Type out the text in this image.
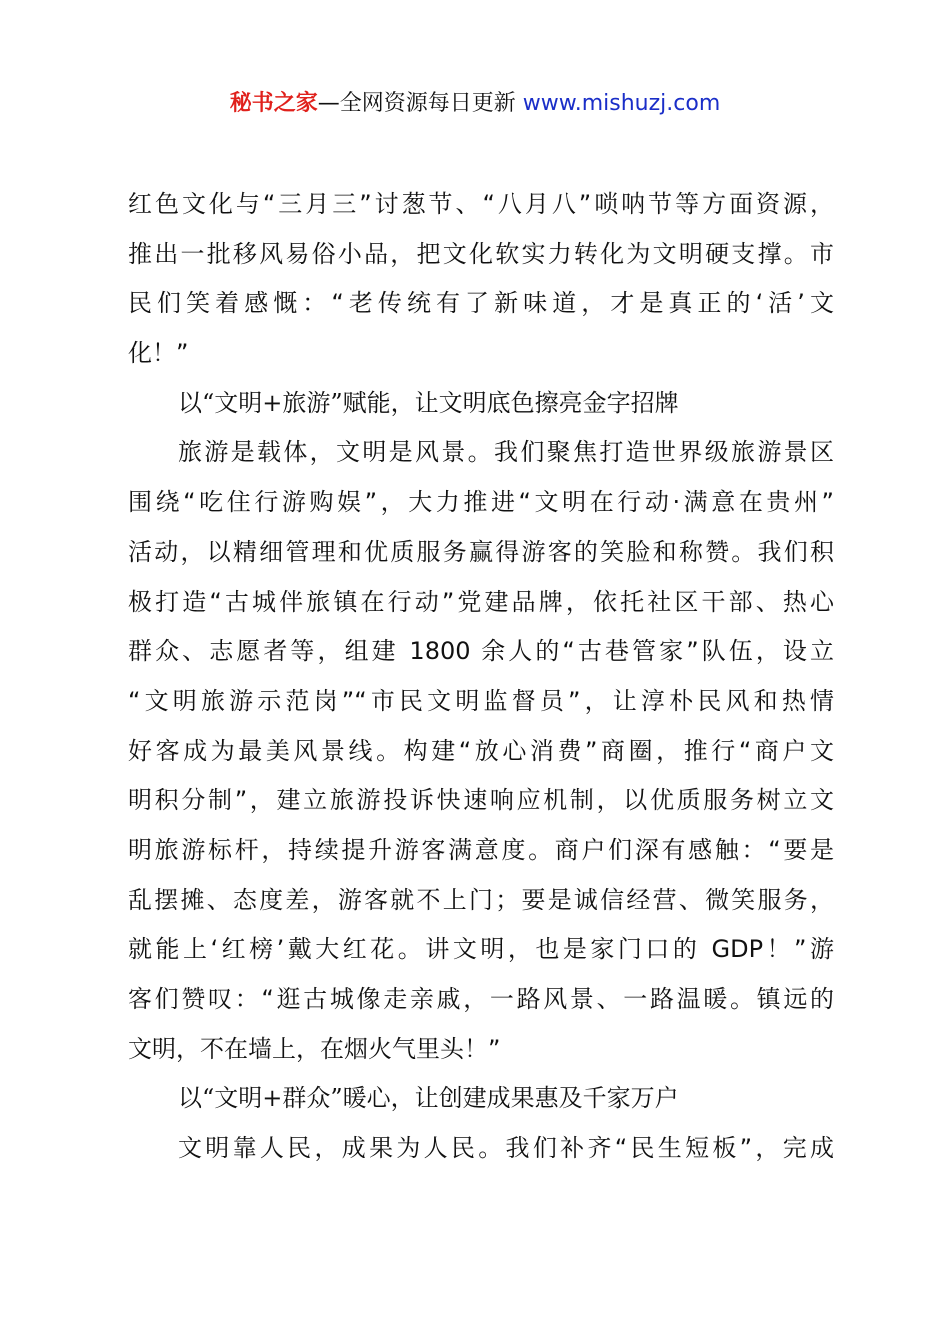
秘书之家—全网资源每日更新 www.mishuzj.com
红色文化与“三月三”讨葱节、“八月八”唢呐节等方面资源，
推出一批移风易俗小品，把文化软实力转化为文明硬支撑。市
民们笑着感慨：“老传统有了新味道，才是真正的‘活’文
化！”
以“文明+旅游”赋能，让文明底色擦亮金字招牌
旅游是载体，文明是风景。我们聚焦打造世界级旅游景区
围绕“吃住行游购娱”，大力推进“文明在行动·满意在贵州”
活动，以精细管理和优质服务赢得游客的笑脸和称赞。我们积
极打造“古城伴旅镇在行动”党建品牌，依托社区干部、热心
群众、志愿者等，组建 1800 余人的“古巷管家”队伍，设立
“文明旅游示范岗”“市民文明监督员”，让淳朴民风和热情
好客成为最美风景线。构建“放心消费”商圈，推行“商户文
明积分制”，建立旅游投诉快速响应机制，以优质服务树立文
明旅游标杆，持续提升游客满意度。商户们深有感触：“要是
乱摆摊、态度差，游客就不上门；要是诚信经营、微笑服务，
就能上‘红榜’戴大红花。讲文明，也是家门口的 GDP！”游
客们赞叹：“逛古城像走亲戚，一路风景、一路温暖。镇远的
文明，不在墙上，在烟火气里头！”
以“文明+群众”暖心，让创建成果惠及千家万户
文明靠人民，成果为人民。我们补齐“民生短板”，完成
